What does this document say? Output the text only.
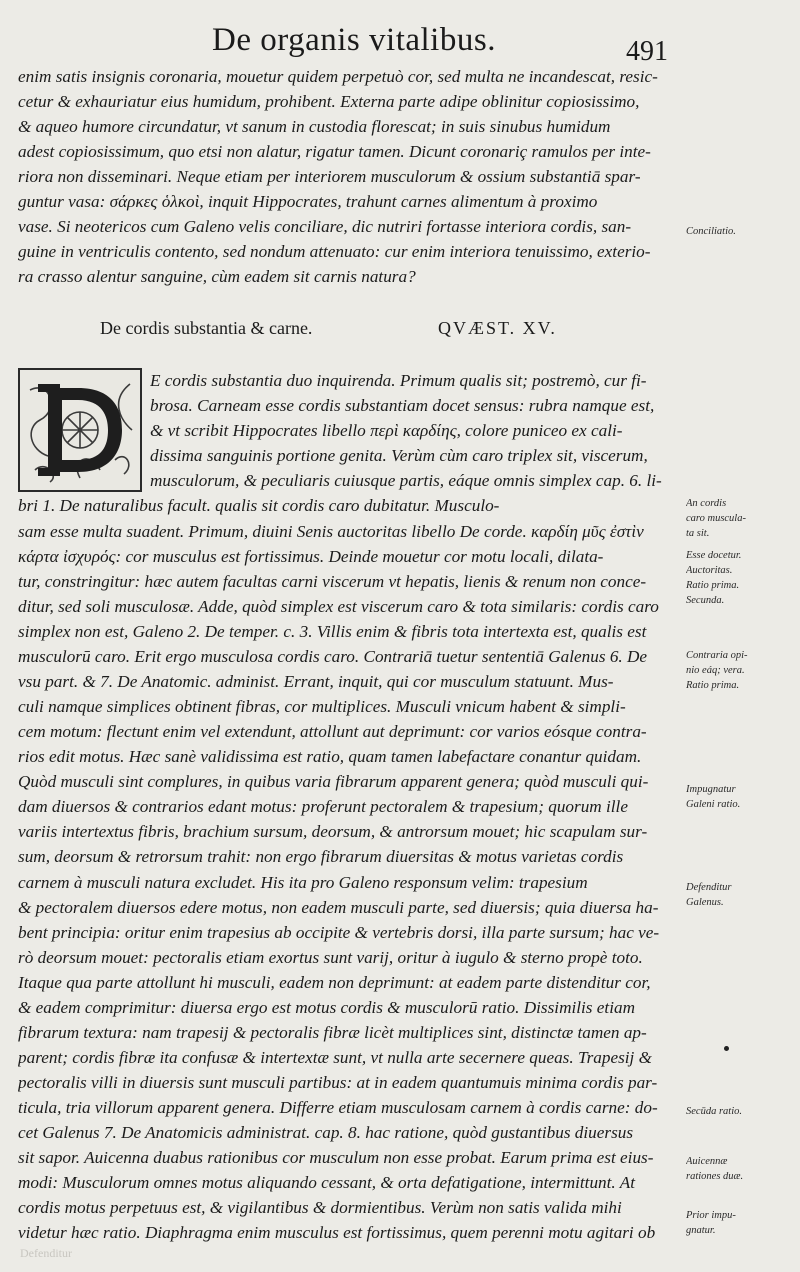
De organis vitalibus.	491
enim satis insignis coronaria, mouetur quidem perpetuò cor, sed multa ne incandescat, resic-
cetur & exhauriatur eius humidum, prohibent. Externa parte adipe oblinitur copiosissimo,
& aqueo humore circundatur, vt sanum in custodia florescat; in suis sinubus humidum
adest copiosissimum, quo etsi non alatur, rigatur tamen. Dicunt coronariç ramulos per inte-
riora non disseminari. Neque etiam per interiorem musculorum & ossium substantiā spar-
guntur vasa: σάρκες ὁλκοὶ, inquit Hippocrates, trahunt carnes alimentum à proximo
vase. Si neotericos cum Galeno velis conciliare, dic nutriri fortasse interiora cordis, san-
guine in ventriculis contento, sed nondum attenuato: cur enim interiora tenuissimo, exterio-
ra crasso alentur sanguine, cùm eadem sit carnis natura?
De cordis substantia & carne.	QVÆST. XV.
E cordis substantia duo inquirenda. Primum qualis sit; postremò, cur fi-
brosa. Carneam esse cordis substantiam docet sensus: rubra namque est,
& vt scribit Hippocrates libello περὶ καρδίης, colore puniceo ex cali-
dissima sanguinis portione genita. Verùm cùm caro triplex sit, viscerum,
musculorum, & peculiaris cuiusque partis, eáque omnis simplex cap. 6. li-
bri 1. De naturalibus facult. qualis sit cordis caro dubitatur. Musculo-
sam esse multa suadent. Primum, diuini Senis auctoritas libello De corde. καρδίη μῦς ἐστὶν
κάρτα ἰσχυρός: cor musculus est fortissimus. Deinde mouetur cor motu locali, dilata-
tur, constringitur: hæc autem facultas carni viscerum vt hepatis, lienis & renum non conce-
ditur, sed soli musculosæ. Adde, quòd simplex est viscerum caro & tota similaris: cordis caro
simplex non est, Galeno 2. De temper. c. 3. Villis enim & fibris tota intertexta est, qualis est
musculorū caro. Erit ergo musculosa cordis caro. Contrariā tuetur sententiā Galenus 6. De
vsu part. & 7. De Anatomic. administ. Errant, inquit, qui cor musculum statuunt. Mus-
culi namque simplices obtinent fibras, cor multiplices. Musculi vnicum habent & simpli-
cem motum: flectunt enim vel extendunt, attollunt aut deprimunt: cor varios eósque contra-
rios edit motus. Hæc sanè validissima est ratio, quam tamen labefactare conantur quidam.
Quòd musculi sint complures, in quibus varia fibrarum apparent genera; quòd musculi qui-
dam diuersos & contrarios edant motus: proferunt pectoralem & trapesium; quorum ille
variis intertextus fibris, brachium sursum, deorsum, & antrorsum mouet; hic scapulam sur-
sum, deorsum & retrorsum trahit: non ergo fibrarum diuersitas & motus varietas cordis
carnem à musculi natura excludet. His ita pro Galeno responsum velim: trapesium
& pectoralem diuersos edere motus, non eadem musculi parte, sed diuersis; quia diuersa ha-
bent principia: oritur enim trapesius ab occipite & vertebris dorsi, illa parte sursum; hac ve-
rò deorsum mouet: pectoralis etiam exortus sunt varij, oritur à iugulo & sterno propè toto.
Itaque qua parte attollunt hi musculi, eadem non deprimunt: at eadem parte distenditur cor,
& eadem comprimitur: diuersa ergo est motus cordis & musculorū ratio. Dissimilis etiam
fibrarum textura: nam trapesij & pectoralis fibræ licèt multiplices sint, distinctæ tamen ap-
parent; cordis fibræ ita confusæ & intertextæ sunt, vt nulla arte secernere queas. Trapesij &
pectoralis villi in diuersis sunt musculi partibus: at in eadem quantumuis minima cordis par-
ticula, tria villorum apparent genera. Differre etiam musculosam carnem à cordis carne: do-
cet Galenus 7. De Anatomicis administrat. cap. 8. hac ratione, quòd gustantibus diuersus
sit sapor. Auicenna duabus rationibus cor musculum non esse probat. Earum prima est eius-
modi: Musculorum omnes motus aliquando cessant, & orta defatigatione, intermittunt. At
cordis motus perpetuus est, & vigilantibus & dormientibus. Verùm non satis valida mihi
videtur hæc ratio. Diaphragma enim musculus est fortissimus, quem perenni motu agitari ob
Conciliatio.
An cordis
caro muscula-
ta sit.
Esse docetur.
Auctoritas.
Ratio prima.
Secunda.
Contraria opi-
nio eáq; vera.
Ratio prima.
Impugnatur
Galeni ratio.
Defenditur
Galenus.
Secūda ratio.
Auicennæ
rationes duæ.
Prior impu-
gnatur.
Defenditur
